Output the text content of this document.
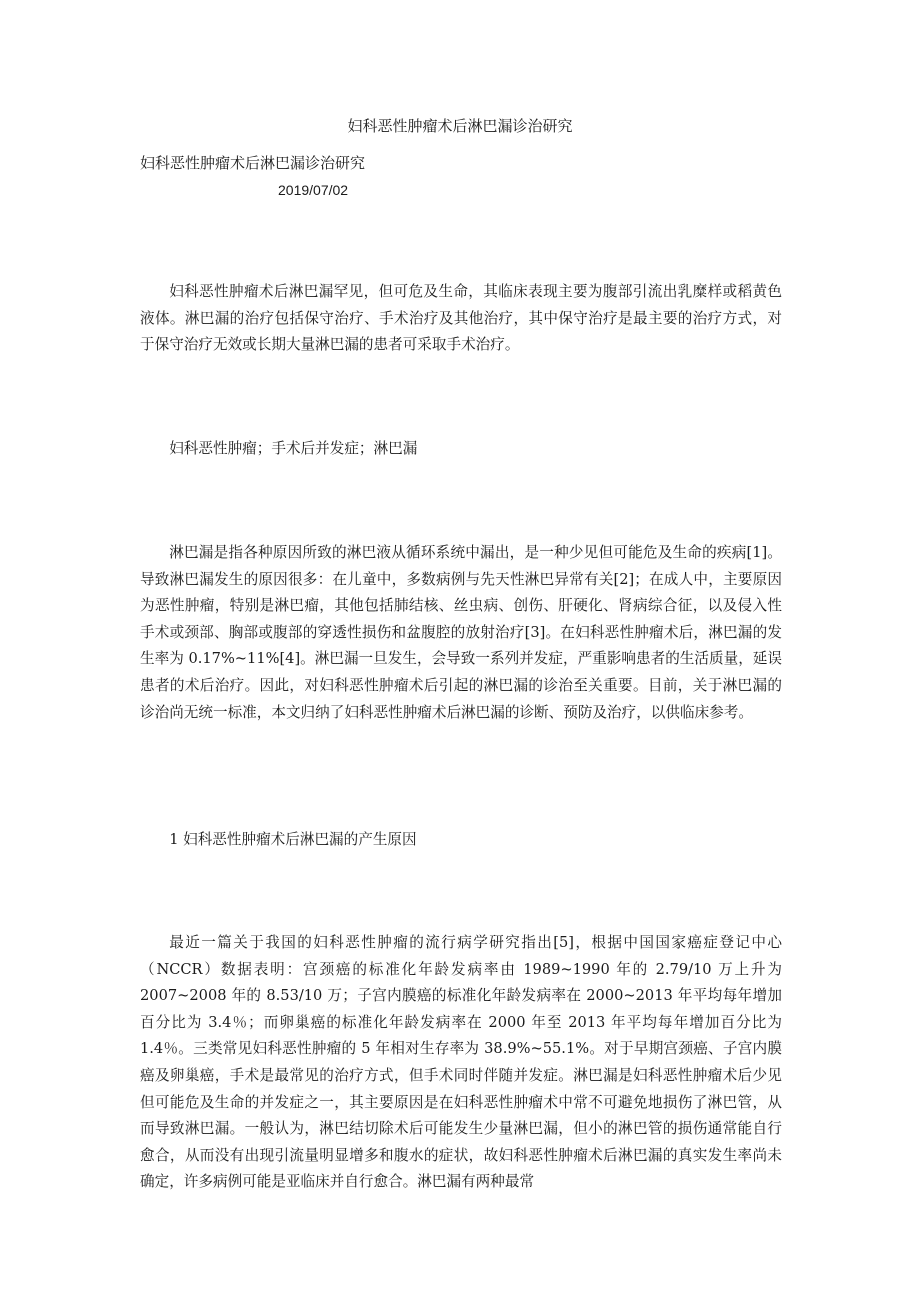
妇科恶性肿瘤术后淋巴漏诊治研究
妇科恶性肿瘤术后淋巴漏诊治研究
2019/07/02

妇科恶性肿瘤术后淋巴漏罕见，但可危及生命，其临床表现主要为腹部引流出乳糜样或稻黄色液体。淋巴漏的治疗包括保守治疗、手术治疗及其他治疗，其中保守治疗是最主要的治疗方式，对于保守治疗无效或长期大量淋巴漏的患者可采取手术治疗。

妇科恶性肿瘤；手术后并发症；淋巴漏

淋巴漏是指各种原因所致的淋巴液从循环系统中漏出，是一种少见但可能危及生命的疾病[1]。导致淋巴漏发生的原因很多：在儿童中，多数病例与先天性淋巴异常有关[2]；在成人中，主要原因为恶性肿瘤，特别是淋巴瘤，其他包括肺结核、丝虫病、创伤、肝硬化、肾病综合征，以及侵入性手术或颈部、胸部或腹部的穿透性损伤和盆腹腔的放射治疗[3]。在妇科恶性肿瘤术后，淋巴漏的发生率为 0.17%~11%[4]。淋巴漏一旦发生，会导致一系列并发症，严重影响患者的生活质量，延误患者的术后治疗。因此，对妇科恶性肿瘤术后引起的淋巴漏的诊治至关重要。目前，关于淋巴漏的诊治尚无统一标准，本文归纳了妇科恶性肿瘤术后淋巴漏的诊断、预防及治疗，以供临床参考。

1 妇科恶性肿瘤术后淋巴漏的产生原因

最近一篇关于我国的妇科恶性肿瘤的流行病学研究指出[5]，根据中国国家癌症登记中心（NCCR）数据表明：宫颈癌的标准化年龄发病率由 1989~1990 年的 2.79/10 万上升为 2007~2008 年的 8.53/10 万；子宫内膜癌的标准化年龄发病率在 2000~2013 年平均每年增加百分比为 3.4％；而卵巢癌的标准化年龄发病率在 2000 年至 2013 年平均每年增加百分比为 1.4％。三类常见妇科恶性肿瘤的 5 年相对生存率为 38.9%~55.1%。对于早期宫颈癌、子宫内膜癌及卵巢癌，手术是最常见的治疗方式，但手术同时伴随并发症。淋巴漏是妇科恶性肿瘤术后少见但可能危及生命的并发症之一，其主要原因是在妇科恶性肿瘤术中常不可避免地损伤了淋巴管，从而导致淋巴漏。一般认为，淋巴结切除术后可能发生少量淋巴漏，但小的淋巴管的损伤通常能自行愈合，从而没有出现引流量明显增多和腹水的症状，故妇科恶性肿瘤术后淋巴漏的真实发生率尚未确定，许多病例可能是亚临床并自行愈合。淋巴漏有两种最常
